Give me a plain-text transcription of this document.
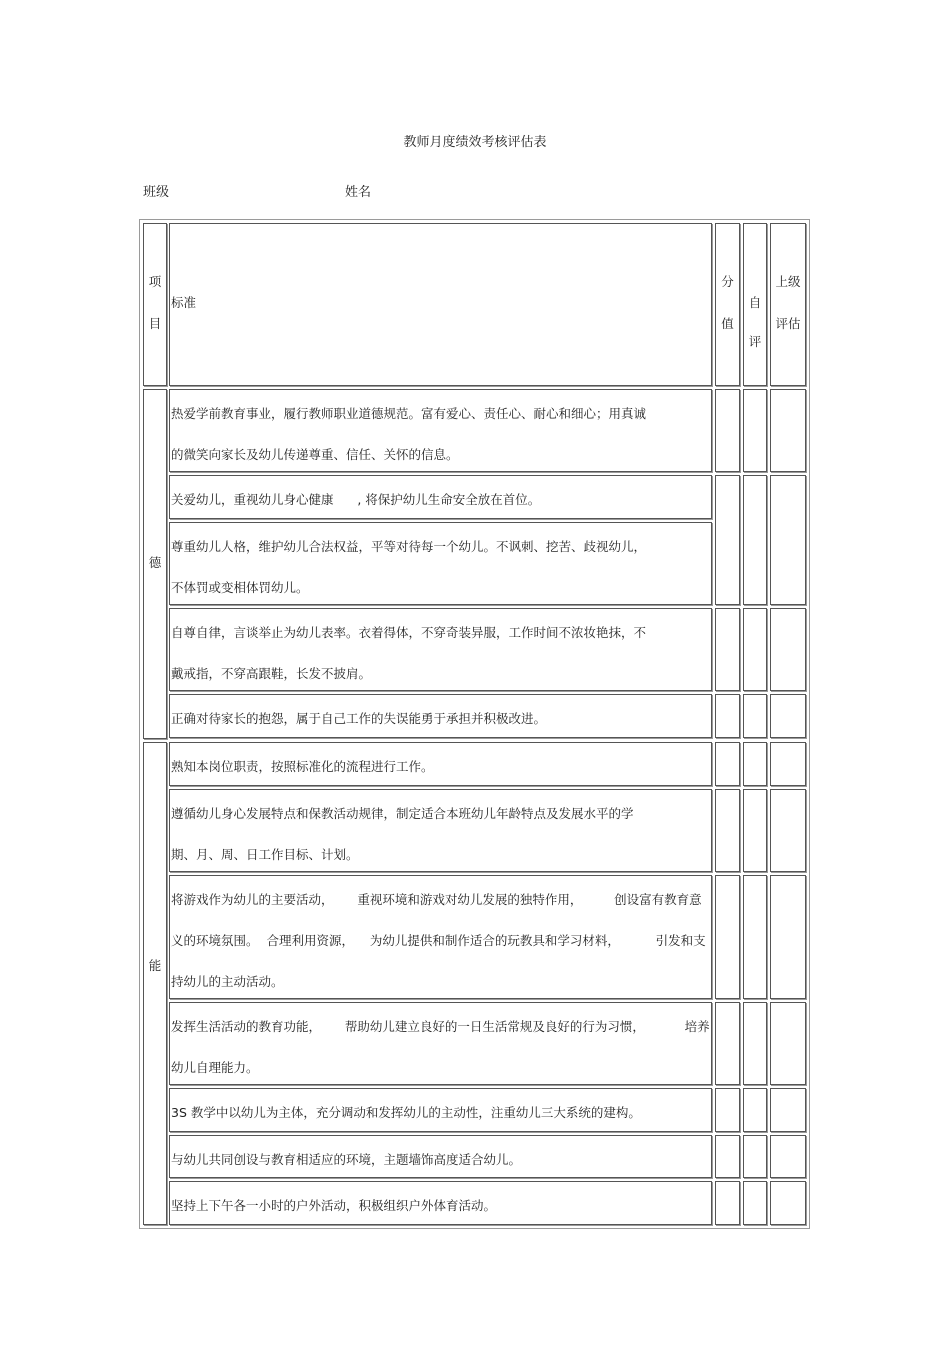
教师月度绩效考核评估表
班级	姓名
项
目
标准
分
值
自
评
上级
评估
德
能
热爱学前教育事业，履行教师职业道德规范。富有爱心、责任心、耐心和细心；用真诚
的微笑向家长及幼儿传递尊重、信任、关怀的信息。
关爱幼儿，重视幼儿身心健康      , 将保护幼儿生命安全放在首位。
尊重幼儿人格，维护幼儿合法权益，平等对待每一个幼儿。不讽刺、挖苦、歧视幼儿，
不体罚或变相体罚幼儿。
自尊自律，言谈举止为幼儿表率。衣着得体，不穿奇装异服，工作时间不浓妆艳抹，不
戴戒指，不穿高跟鞋，长发不披肩。
正确对待家长的抱怨，属于自己工作的失误能勇于承担并积极改进。
熟知本岗位职责，按照标准化的流程进行工作。
遵循幼儿身心发展特点和保教活动规律，制定适合本班幼儿年龄特点及发展水平的学
期、月、周、日工作目标、计划。
将游戏作为幼儿的主要活动，      重视环境和游戏对幼儿发展的独特作用，        创设富有教育意
义的环境氛围。  合理利用资源，    为幼儿提供和制作适合的玩教具和学习材料，         引发和支
持幼儿的主动活动。
发挥生活活动的教育功能，      帮助幼儿建立良好的一日生活常规及良好的行为习惯，          培养
幼儿自理能力。
3S 教学中以幼儿为主体，充分调动和发挥幼儿的主动性，注重幼儿三大系统的建构。
与幼儿共同创设与教育相适应的环境，主题墙饰高度适合幼儿。
坚持上下午各一小时的户外活动，积极组织户外体育活动。
